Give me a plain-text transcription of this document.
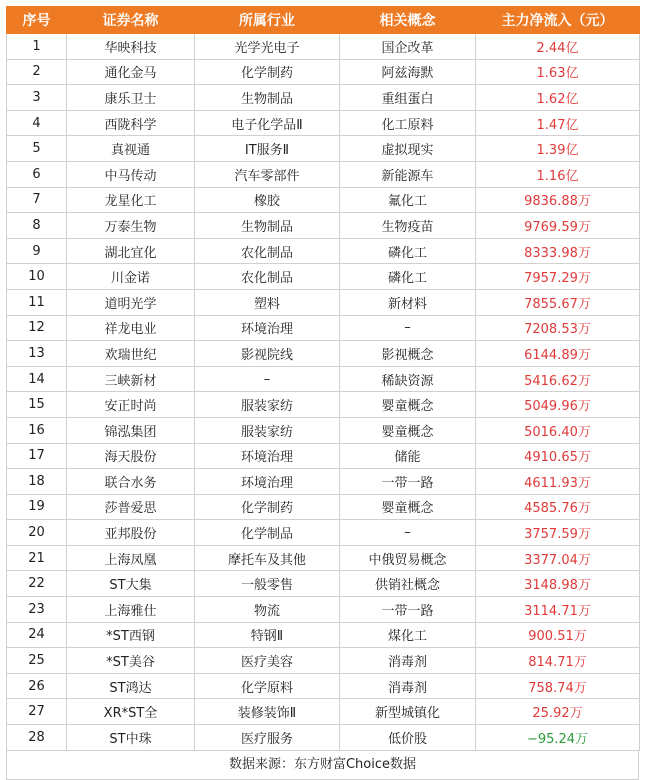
序号	证券名称	所属行业	相关概念	主力净流入（元）
1	华映科技	光学光电子	国企改革	2.44亿
2	通化金马	化学制药	阿兹海默	1.63亿
3	康乐卫士	生物制品	重组蛋白	1.62亿
4	西陇科学	电子化学品Ⅱ	化工原料	1.47亿
5	真视通	IT服务Ⅱ	虚拟现实	1.39亿
6	中马传动	汽车零部件	新能源车	1.16亿
7	龙星化工	橡胶	氟化工	9836.88万
8	万泰生物	生物制品	生物疫苗	9769.59万
9	湖北宜化	农化制品	磷化工	8333.98万
10	川金诺	农化制品	磷化工	7957.29万
11	道明光学	塑料	新材料	7855.67万
12	祥龙电业	环境治理	–	7208.53万
13	欢瑞世纪	影视院线	影视概念	6144.89万
14	三峡新材	–	稀缺资源	5416.62万
15	安正时尚	服装家纺	婴童概念	5049.96万
16	锦泓集团	服装家纺	婴童概念	5016.40万
17	海天股份	环境治理	储能	4910.65万
18	联合水务	环境治理	一带一路	4611.93万
19	莎普爱思	化学制药	婴童概念	4585.76万
20	亚邦股份	化学制品	–	3757.59万
21	上海凤凰	摩托车及其他	中俄贸易概念	3377.04万
22	ST大集	一般零售	供销社概念	3148.98万
23	上海雅仕	物流	一带一路	3114.71万
24	*ST西钢	特钢Ⅱ	煤化工	900.51万
25	*ST美谷	医疗美容	消毒剂	814.71万
26	ST鸿达	化学原料	消毒剂	758.74万
27	XR*ST全	装修装饰Ⅱ	新型城镇化	25.92万
28	ST中珠	医疗服务	低价股	−95.24万
数据来源：东方财富Choice数据
